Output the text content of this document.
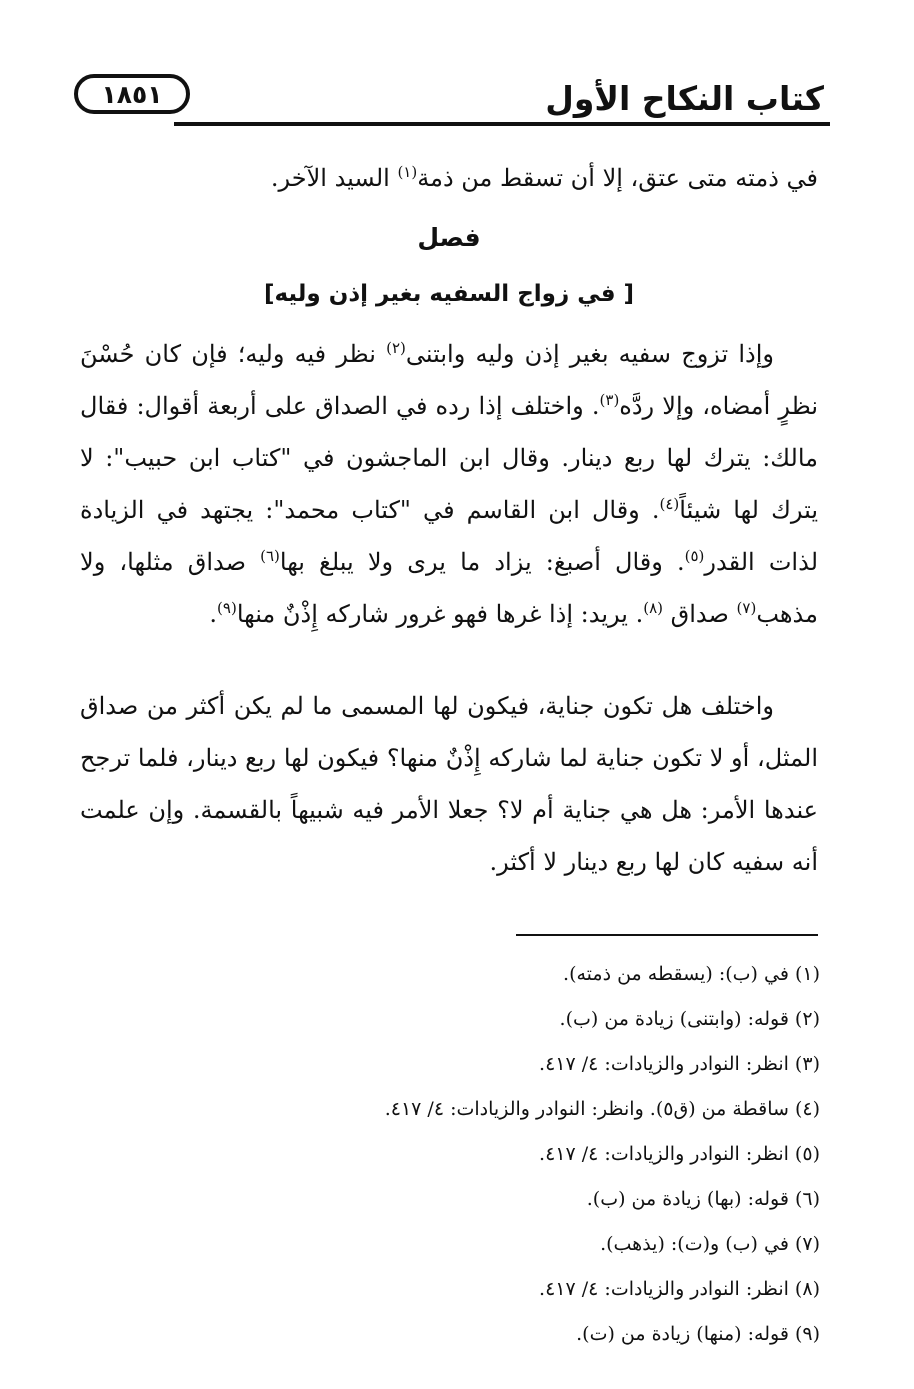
كتاب النكاح الأول
١٨٥١

في ذمته متى عتق، إلا أن تسقط من ذمة$^{(١)}$ السيد الآخر.

فصل
[ في زواج السفيه بغير إذن وليه]

وإذا تزوج سفيه بغير إذن وليه وابتنى$^{(٢)}$ نظر فيه وليه؛ فإن كان حُسْنَ نظرٍ أمضاه، وإلا ردَّه$^{(٣)}$. واختلف إذا رده في الصداق على أربعة أقوال: فقال مالك: يترك لها ربع دينار. وقال ابن الماجشون في "كتاب ابن حبيب": لا يترك لها شيئاً$^{(٤)}$. وقال ابن القاسم في "كتاب محمد": يجتهد في الزيادة لذات القدر$^{(٥)}$. وقال أصبغ: يزاد ما يرى ولا يبلغ بها$^{(٦)}$ صداق مثلها، ولا مذهب$^{(٧)}$ صداق $^{(٨)}$. يريد: إذا غرها فهو غرور شاركه إِذْنٌ منها$^{(٩)}$.

واختلف هل تكون جناية، فيكون لها المسمى ما لم يكن أكثر من صداق المثل، أو لا تكون جناية لما شاركه إِذْنٌ منها؟ فيكون لها ربع دينار، فلما ترجح عندها الأمر: هل هي جناية أم لا؟ جعلا الأمر فيه شبيهاً بالقسمة. وإن علمت أنه سفيه كان لها ربع دينار لا أكثر.

(١) في (ب): (يسقطه من ذمته).

(٢) قوله: (وابتنى) زيادة من (ب).

(٣) انظر: النوادر والزيادات: ٤/ ٤١٧.

(٤) ساقطة من (ق٥). وانظر: النوادر والزيادات: ٤/ ٤١٧.

(٥) انظر: النوادر والزيادات: ٤/ ٤١٧.

(٦) قوله: (بها) زيادة من (ب).

(٧) في (ب) و(ت): (يذهب).

(٨) انظر: النوادر والزيادات: ٤/ ٤١٧.

(٩) قوله: (منها) زيادة من (ت).
